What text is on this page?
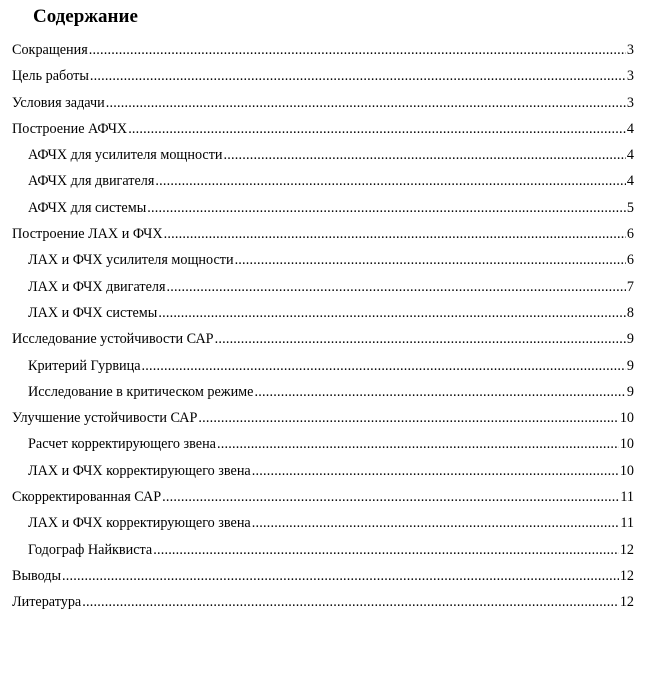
Содержание
Сокращения .....	3
Цель работы .....	3
Условия задачи .....	3
Построение АФЧХ .....	4
АФЧХ для усилителя мощности .....	4
АФЧХ для двигателя .....	4
АФЧХ для системы .....	5
Построение ЛАХ и ФЧХ .....	6
ЛАХ и ФЧХ усилителя мощности .....	6
ЛАХ и ФЧХ двигателя .....	7
ЛАХ и ФЧХ системы .....	8
Исследование устойчивости САР .....	9
Критерий Гурвица .....	9
Исследование в критическом режиме .....	9
Улучшение устойчивости САР .....	10
Расчет корректирующего звена .....	10
ЛАХ и ФЧХ корректирующего звена .....	10
Скорректированная САР .....	11
ЛАХ и ФЧХ корректирующего звена .....	11
Годограф Найквиста .....	12
Выводы .....	12
Литература .....	12
